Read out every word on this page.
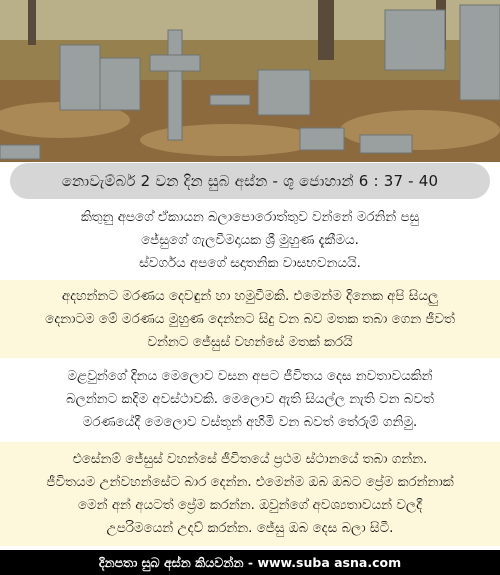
නොවැම්බර් 2 වන දින සුබ අස්න - ශු ජොහාන් 6 : 37 - 40

කිතුනු අපගේ ඒකායන බලාපොරොත්තුව වන්නේ මරනින් පසු

ජේසුගේ ගැලවීමදායක ශ්‍රී මුහුණ දැකීමය.

ස්වර්ගය අපගේ සදාතනික වාසභවනයයි.

අදහන්නට මරණය දෙවඳුන් හා හමුවීමකි. එමෙන්ම දිනෙක අපි සියලු

දෙනාටම මේ මරණය මුහුණ දෙන්නට සිදු වන බව මතක තබා ගෙන ජීවත්

වන්නට ජේසුස් වහන්සේ මතක් කරයි

මළවුන්ගේ දිනය මෙලොව වසන අපට ජීවිතය දෙස නවතාවයකින්

බලන්නට කදිම අවස්ථාවකි. මෙලොව ඇති සියල්ල නැති වන බවත්

මරණයේදී මෙලොව වස්තූන් අහිමි වන බවත් තේරුම් ගනිමු.

එසේනම් ජේසුස් වහන්සේ ජීවිතයේ ප්‍රථම ස්ථානයේ තබා ගන්න.

ජීවිතයම උන්වහන්සේට බාර දෙන්න. එමෙන්ම ඔබ ඔබට ප්‍රේම කරන්නාක්

මෙන් අන් අයටත් ප්‍රේම කරන්න. ඔවුන්ගේ අවශ්‍යතාවයන් වලදී

උපරිමයෙන් උදව් කරන්න. ජේසු ඔබ දෙස බලා සිටී.

දිනපතා සුබ අස්න කියවන්න - www.suba asna.com
